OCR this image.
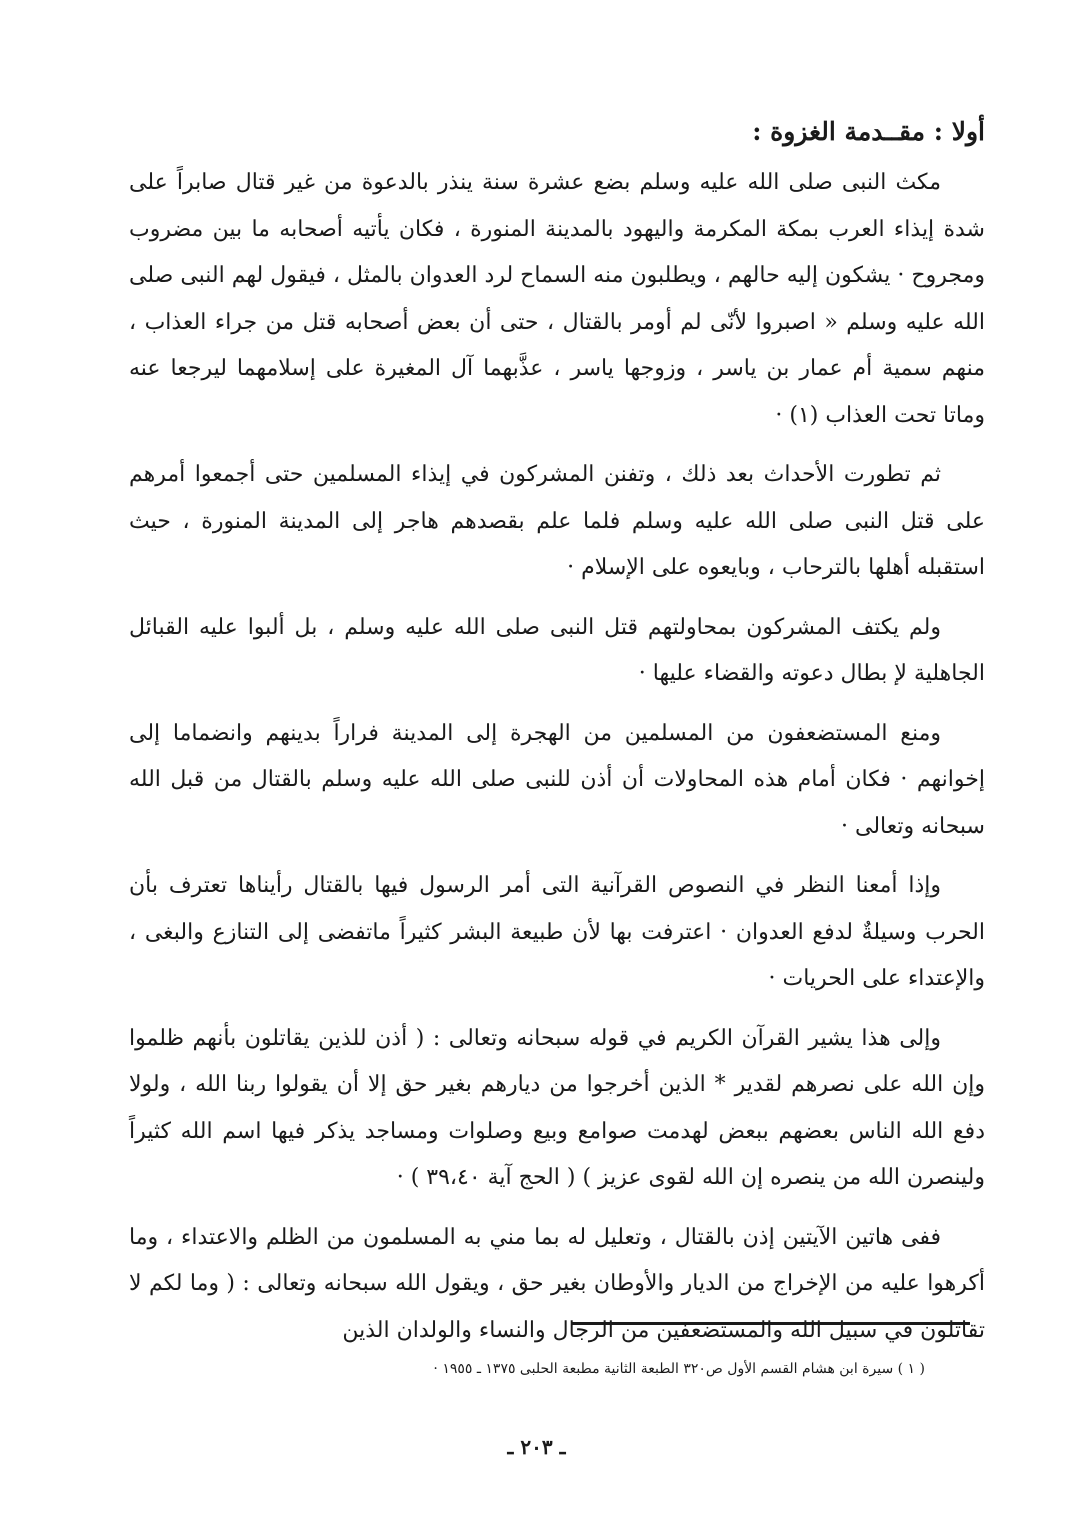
أولا : مقــدمة الغزوة :

مكث النبى صلى الله عليه وسلم بضع عشرة سنة ينذر بالدعوة من غير قتال صابراً على شدة إيذاء العرب بمكة المكرمة واليهود بالمدينة المنورة ، فكان يأتيه أصحابه ما بين مضروب ومجروح · يشكون إليه حالهم ، ويطلبون منه السماح لرد العدوان بالمثل ، فيقول لهم النبى صلى الله عليه وسلم « اصبروا لأنّى لم أومر بالقتال ، حتى أن بعض أصحابه قتل من جراء العذاب ، منهم سمية أم عمار بن ياسر ، وزوجها ياسر ، عذَّبهما آل المغيرة على إسلامهما ليرجعا عنه وماتا تحت العذاب (١) ·

ثم تطورت الأحداث بعد ذلك ، وتفنن المشركون في إيذاء المسلمين حتى أجمعوا أمرهم على قتل النبى صلى الله عليه وسلم فلما علم بقصدهم هاجر إلى المدينة المنورة ، حيث استقبله أهلها بالترحاب ، وبايعوه على الإسلام ·

ولم يكتف المشركون بمحاولتهم قتل النبى صلى الله عليه وسلم ، بل ألبوا عليه القبائل الجاهلية لإ بطال دعوته والقضاء عليها ·

ومنع المستضعفون من المسلمين من الهجرة إلى المدينة فراراً بدينهم وانضماما إلى إخوانهم · فكان أمام هذه المحاولات أن أذن للنبى صلى الله عليه وسلم بالقتال من قبل الله سبحانه وتعالى ·

وإذا أمعنا النظر في النصوص القرآنية التى أمر الرسول فيها بالقتال رأيناها تعترف بأن الحرب وسيلةٌ لدفع العدوان · اعترفت بها لأن طبيعة البشر كثيراً ماتفضى إلى التنازع والبغى ، والإعتداء على الحريات ·

وإلى هذا يشير القرآن الكريم في قوله سبحانه وتعالى : ( أذن للذين يقاتلون بأنهم ظلموا وإن الله على نصرهم لقدير * الذين أخرجوا من ديارهم بغير حق إلا أن يقولوا ربنا الله ، ولولا دفع الله الناس بعضهم ببعض لهدمت صوامع وبيع وصلوات ومساجد يذكر فيها اسم الله كثيراً ولينصرن الله من ينصره إن الله لقوى عزيز ) ( الحج آية ٣٩،٤٠ ) ·

ففى هاتين الآيتين إذن بالقتال ، وتعليل له بما مني به المسلمون من الظلم والاعتداء ، وما أكرهوا عليه من الإخراج من الديار والأوطان بغير حق ، ويقول الله سبحانه وتعالى : ( وما لكم لا تقاتلون في سبيل الله والمستضعفين من الرجال والنساء والولدان الذين

( ١ ) سيرة ابن هشام القسم الأول ص٣٢٠ الطبعة الثانية مطبعة الحلبى ١٣٧٥ ـ ١٩٥٥ ·
ـ ٢٠٣ ـ
